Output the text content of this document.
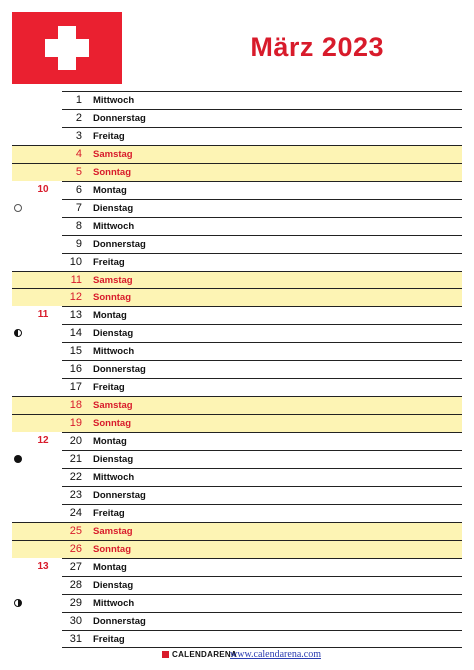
März 2023
1 Mittwoch
2 Donnerstag
3 Freitag
4 Samstag
5 Sonntag
6 Montag
10
7 Dienstag
8 Mittwoch
9 Donnerstag
10 Freitag
11 Samstag
12 Sonntag
13 Montag
11
14 Dienstag
15 Mittwoch
16 Donnerstag
17 Freitag
18 Samstag
19 Sonntag
20 Montag
12
21 Dienstag
22 Mittwoch
23 Donnerstag
24 Freitag
25 Samstag
26 Sonntag
27 Montag
13
28 Dienstag
29 Mittwoch
30 Donnerstag
31 Freitag
CALENDARENA
www.calendarena.com
